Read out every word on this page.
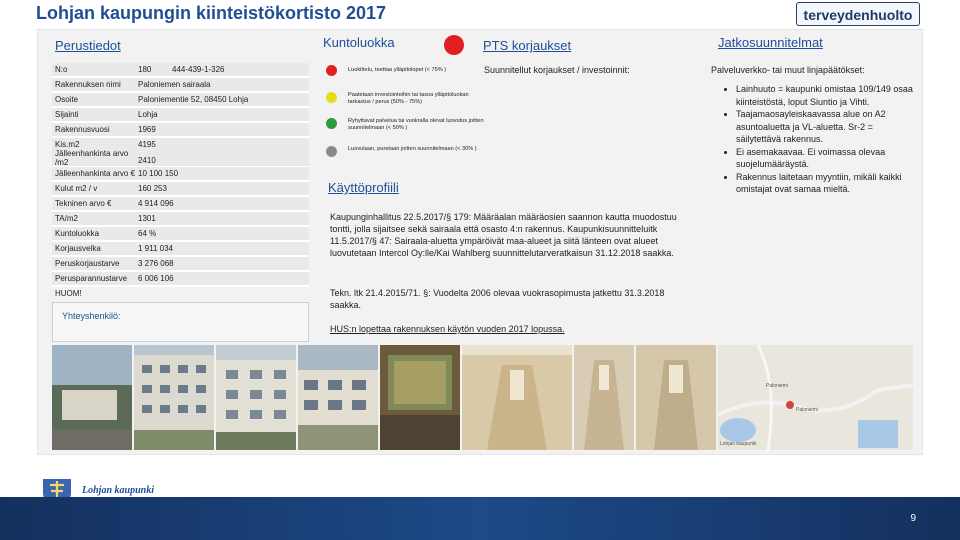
Lohjan kaupungin kiinteistökortisto 2017	terveydenhuolto
Perustiedot
N:o	180	444-439-1-326
Rakennuksen nimi Paloniemen sairaala
Osoite	Paloniementie 52, 08450 Lohja
Sijainti	Lohja
Rakennusvuosi	1969
Kis.m2	4195
Jälleenhankinta arvo
/m2	2410
Jälleenhankinta arvo € 10 100 150
Kulut m2 / v	160 253
Tekninen arvo €	4 914 096
TA/m2	1301
Kuntoluokka	64 %
Korjausvelka	1 911 034
Peruskorjaustarve 3 276 068
Perusparannustarve 6 006 106
HUOM!
Yhteyshenkilö:
Kuntoluokka
Luokittelu, teettaa ylläpitolopet (< 75% )
Paatetaan investointeihin tai tasoa ylläpitoluokan tarkastus / perus (50% - 75%)
Ryhyttavat palvelua tai vuokralla olevat luovutus joitten suunnitelmaan (< 50% )
Luovutaan, puretaan joitten suunnitelmaan (< 30% )
Käyttöprofiili
Kaupunginhallitus 22.5.2017/§ 179: Määräalan määräosien saannon kautta muodostuu tontti, jolla sijaitsee sekä sairaala että osasto 4:n rakennus. Kaupunkisuunnitteluitk 11.5.2017/§ 47: Sairaala-aluetta ympäröivät maa-alueet ja siitä länteen ovat alueet luovutetaan Intercol Oy:lle/Kai Wahlberg suunnittelutarveratkaisun 31.12.2018 saakka.
Tekn. ltk 21.4.2015/71. §: Vuodelta 2006 olevaa vuokrasopimusta jatkettu 31.3.2018 saakka.
HUS:n lopettaa rakennuksen käytön vuoden 2017 lopussa.
PTS korjaukset
Suunnitellut korjaukset / investoinnit:
Jatkosuunnitelmat
Palveluverkko- tai muut linjapäätökset:
• Lainhuuto = kaupunki omistaa 109/149 osaa kiinteistöstä, loput Siuntio ja Vihti.
• Taajamaosayleiskaavassa alue on A2 asuntoaluetta ja VL-aluetta. Sr-2 = säilytettävä rakennus.
• Ei asemakaavaa. Ei voimassa olevaa suojelumääräystä.
• Rakennus laitetaan myyntiin, mikäli kaikki omistajat ovat samaa mieltä.
Paloniemi
Paloniemi
Lohjan kaupunki
Lohjan kaupunki
9
